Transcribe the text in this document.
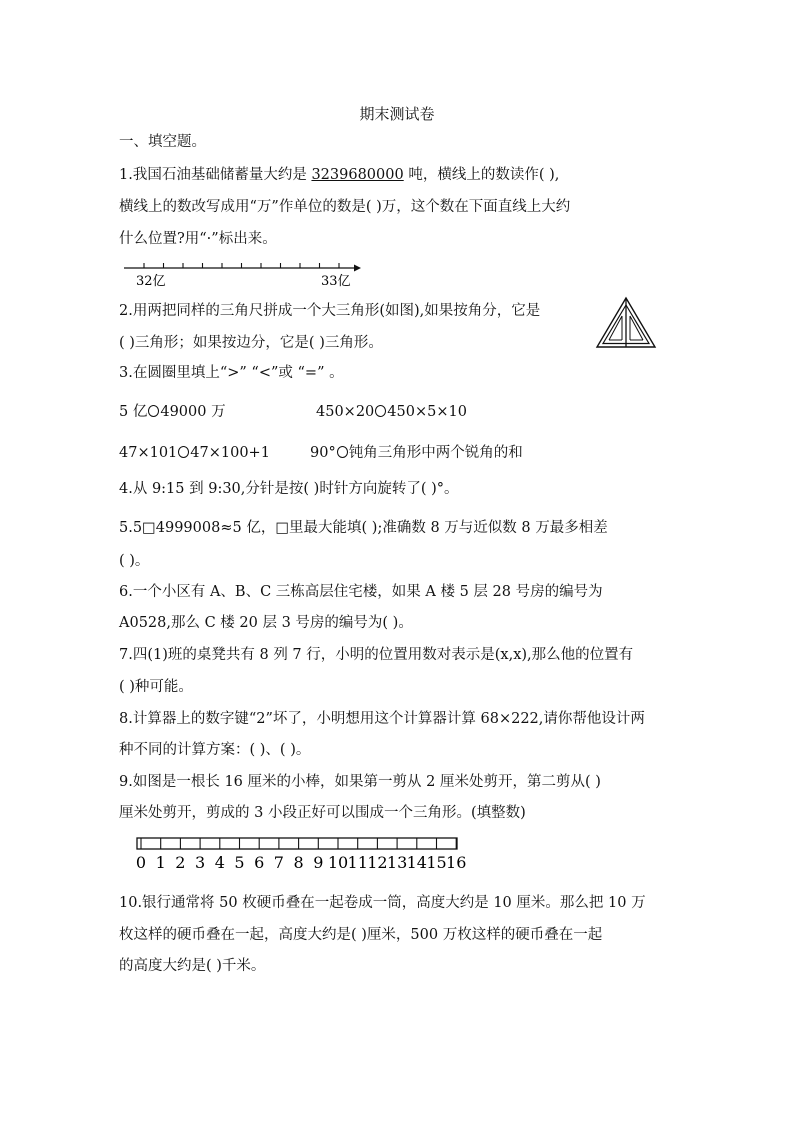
期末测试卷
一、填空题。
1.我国石油基础储蓄量大约是 3239680000 吨，横线上的数读作( ),
横线上的数改写成用“万”作单位的数是( )万，这个数在下面直线上大约
什么位置?用“·”标出来。
32亿	33亿
2.用两把同样的三角尺拼成一个大三角形(如图),如果按角分，它是
( )三角形；如果按边分，它是( )三角形。
3.在圆圈里填上“>” “<”或 “=” 。
5 亿 49000 万	450×20 450×5×10
47×101 47×100+1	90° 钝角三角形中两个锐角的和
4.从 9:15 到 9:30,分针是按( )时针方向旋转了( )°。
5.5□4999008≈5 亿，□里最大能填( );准确数 8 万与近似数 8 万最多相差
( )。
6.一个小区有 A、B、C 三栋高层住宅楼，如果 A 楼 5 层 28 号房的编号为
A0528,那么 C 楼 20 层 3 号房的编号为( )。
7.四(1)班的桌凳共有 8 列 7 行，小明的位置用数对表示是(x,x),那么他的位置有
( )种可能。
8.计算器上的数字键“2”坏了，小明想用这个计算器计算 68×222,请你帮他设计两
种不同的计算方案：( )、( )。
9.如图是一根长 16 厘米的小棒，如果第一剪从 2 厘米处剪开，第二剪从( )
厘米处剪开，剪成的 3 小段正好可以围成一个三角形。(填整数)
0 1 2 3 4 5 6 7 8 9 10 11 12 13 14 15 16
10.银行通常将 50 枚硬币叠在一起卷成一筒，高度大约是 10 厘米。那么把 10 万
枚这样的硬币叠在一起，高度大约是( )厘米，500 万枚这样的硬币叠在一起
的高度大约是( )千米。
